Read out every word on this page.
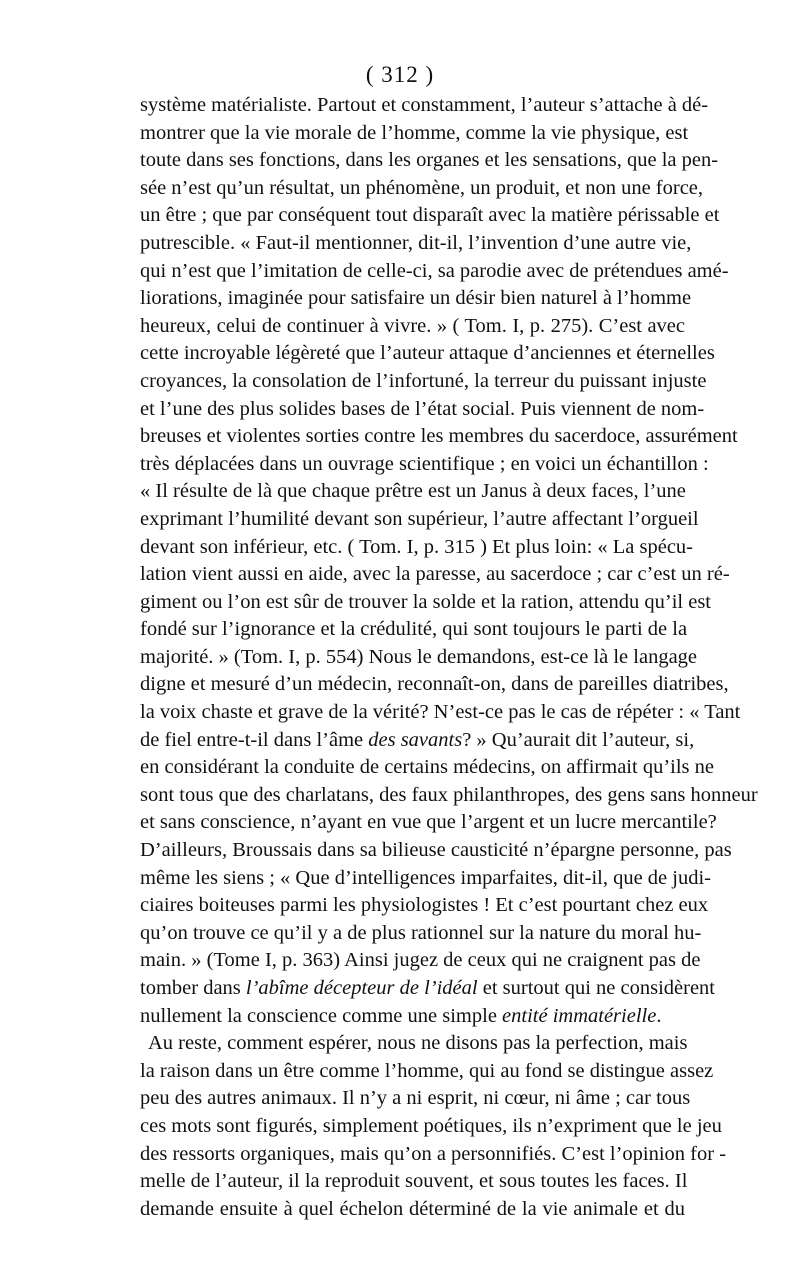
( 312 )
système matérialiste. Partout et constamment, l’auteur s’attache à dé-
montrer que la vie morale de l’homme, comme la vie physique, est
toute dans ses fonctions, dans les organes et les sensations, que la pen-
sée n’est qu’un résultat, un phénomène, un produit, et non une force,
un être ; que par conséquent tout disparaît avec la matière périssable et
putrescible. « Faut-il mentionner, dit-il, l’invention d’une autre vie,
qui n’est que l’imitation de celle-ci, sa parodie avec de prétendues amé-
liorations, imaginée pour satisfaire un désir bien naturel à l’homme
heureux, celui de continuer à vivre. » ( Tom. I, p. 275). C’est avec
cette incroyable légèreté que l’auteur attaque d’anciennes et éternelles
croyances, la consolation de l’infortuné, la terreur du puissant injuste
et l’une des plus solides bases de l’état social. Puis viennent de nom-
breuses et violentes sorties contre les membres du sacerdoce, assurément
très déplacées dans un ouvrage scientifique ; en voici un échantillon :
« Il résulte de là que chaque prêtre est un Janus à deux faces, l’une
exprimant l’humilité devant son supérieur, l’autre affectant l’orgueil
devant son inférieur, etc. ( Tom. I, p. 315 ) Et plus loin: « La spécu-
lation vient aussi en aide, avec la paresse, au sacerdoce ; car c’est un ré-
giment ou l’on est sûr de trouver la solde et la ration, attendu qu’il est
fondé sur l’ignorance et la crédulité, qui sont toujours le parti de la
majorité. » (Tom. I, p. 554) Nous le demandons, est-ce là le langage
digne et mesuré d’un médecin, reconnaît-on, dans de pareilles diatribes,
la voix chaste et grave de la vérité? N’est-ce pas le cas de répéter : « Tant
de fiel entre-t-il dans l’âme des savants? » Qu’aurait dit l’auteur, si,
en considérant la conduite de certains médecins, on affirmait qu’ils ne
sont tous que des charlatans, des faux philanthropes, des gens sans honneur
et sans conscience, n’ayant en vue que l’argent et un lucre mercantile?
D’ailleurs, Broussais dans sa bilieuse causticité n’épargne personne, pas
même les siens ; « Que d’intelligences imparfaites, dit-il, que de judi-
ciaires boiteuses parmi les physiologistes ! Et c’est pourtant chez eux
qu’on trouve ce qu’il y a de plus rationnel sur la nature du moral hu-
main. » (Tome I, p. 363) Ainsi jugez de ceux qui ne craignent pas de
tomber dans l’abîme décepteur de l’idéal et surtout qui ne considèrent
nullement la conscience comme une simple entité immatérielle.
Au reste, comment espérer, nous ne disons pas la perfection, mais
la raison dans un être comme l’homme, qui au fond se distingue assez
peu des autres animaux. Il n’y a ni esprit, ni cœur, ni âme ; car tous
ces mots sont figurés, simplement poétiques, ils n’expriment que le jeu
des ressorts organiques, mais qu’on a personnifiés. C’est l’opinion for -
melle de l’auteur, il la reproduit souvent, et sous toutes les faces. Il
demande ensuite à quel échelon déterminé de la vie animale et du
